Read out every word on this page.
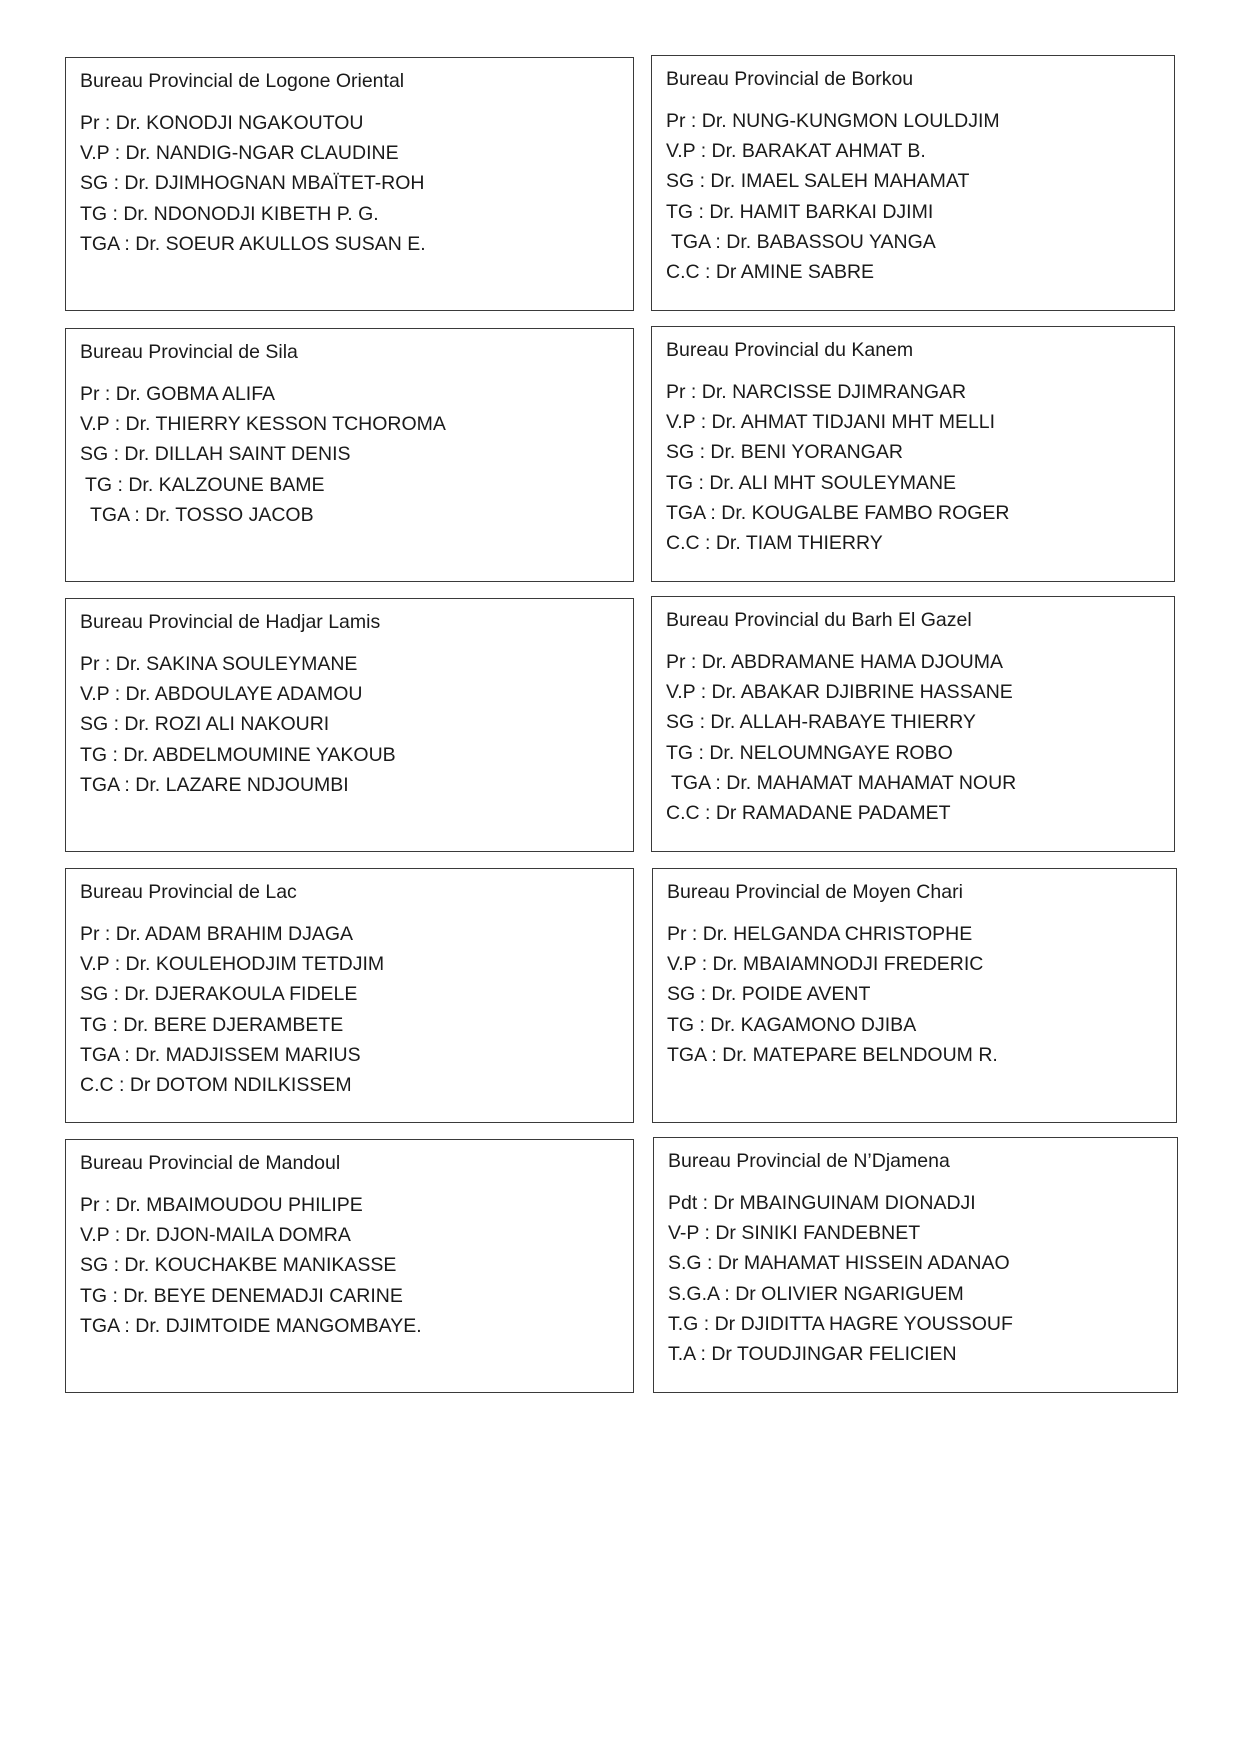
Bureau Provincial de Logone Oriental
Pr : Dr. KONODJI NGAKOUTOU
V.P : Dr. NANDIG-NGAR CLAUDINE
SG : Dr. DJIMHOGNAN MBAÏTET-ROH
TG : Dr. NDONODJI KIBETH P. G.
TGA : Dr. SOEUR AKULLOS SUSAN E.
Bureau Provincial de Borkou
Pr : Dr. NUNG-KUNGMON LOULDJIM
V.P : Dr. BARAKAT AHMAT B.
SG : Dr. IMAEL SALEH MAHAMAT
TG : Dr. HAMIT BARKAI DJIMI
TGA : Dr. BABASSOU YANGA
C.C : Dr AMINE SABRE
Bureau Provincial de Sila
Pr : Dr. GOBMA ALIFA
V.P : Dr. THIERRY KESSON TCHOROMA
SG : Dr. DILLAH SAINT DENIS
TG : Dr. KALZOUNE BAME
TGA : Dr. TOSSO JACOB
Bureau Provincial du Kanem
Pr : Dr. NARCISSE DJIMRANGAR
V.P : Dr. AHMAT TIDJANI MHT MELLI
SG : Dr. BENI YORANGAR
TG : Dr. ALI MHT SOULEYMANE
TGA : Dr. KOUGALBE FAMBO ROGER
C.C : Dr. TIAM THIERRY
Bureau Provincial de Hadjar Lamis
Pr : Dr. SAKINA SOULEYMANE
V.P : Dr. ABDOULAYE ADAMOU
SG : Dr. ROZI ALI NAKOURI
TG : Dr. ABDELMOUMINE YAKOUB
TGA : Dr. LAZARE NDJOUMBI
Bureau Provincial du Barh El Gazel
Pr : Dr. ABDRAMANE HAMA DJOUMA
V.P : Dr. ABAKAR DJIBRINE HASSANE
SG : Dr. ALLAH-RABAYE THIERRY
TG : Dr. NELOUMNGAYE ROBO
TGA : Dr. MAHAMAT MAHAMAT NOUR
C.C : Dr RAMADANE PADAMET
Bureau Provincial de Lac
Pr : Dr. ADAM BRAHIM DJAGA
V.P : Dr. KOULEHODJIM TETDJIM
SG : Dr. DJERAKOULA FIDELE
TG : Dr. BERE DJERAMBETE
TGA : Dr. MADJISSEM MARIUS
C.C : Dr DOTOM NDILKISSEM
Bureau Provincial de Moyen Chari
Pr : Dr. HELGANDA CHRISTOPHE
V.P : Dr. MBAIAMNODJI FREDERIC
SG : Dr. POIDE AVENT
TG : Dr. KAGAMONO DJIBA
TGA : Dr. MATEPARE BELNDOUM R.
Bureau Provincial de Mandoul
Pr : Dr. MBAIMOUDOU PHILIPE
V.P : Dr. DJON-MAILA DOMRA
SG : Dr. KOUCHAKBE MANIKASSE
TG : Dr. BEYE DENEMADJI CARINE
TGA : Dr. DJIMTOIDE MANGOMBAYE.
Bureau Provincial de N’Djamena
Pdt : Dr MBAINGUINAM DIONADJI
V-P : Dr SINIKI FANDEBNET
S.G : Dr MAHAMAT HISSEIN ADANAO
S.G.A : Dr OLIVIER NGARIGUEM
T.G : Dr DJIDITTA HAGRE YOUSSOUF
T.A : Dr TOUDJINGAR FELICIEN
